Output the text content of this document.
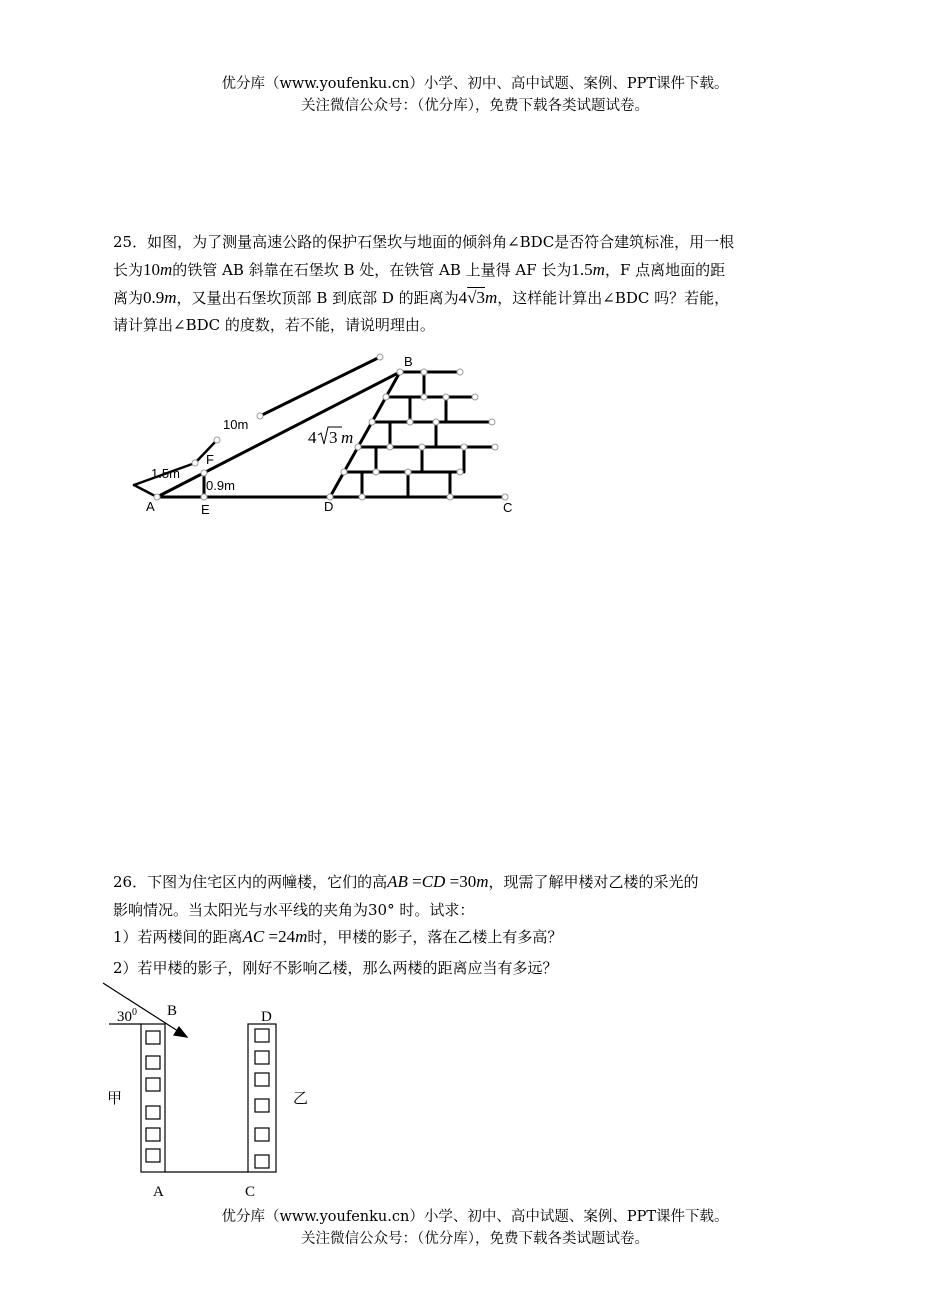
优分库（www.youfenku.cn）小学、初中、高中试题、案例、PPT课件下载。
关注微信公众号：（优分库），免费下载各类试题试卷。
25．如图，为了测量高速公路的保护石堡坎与地面的倾斜角∠BDC是否符合建筑标准，用一根
长为10m的铁管 AB 斜靠在石堡坎 B 处，在铁管 AB 上量得 AF 长为1.5m，F 点离地面的距
离为0.9m，又量出石堡坎顶部 B 到底部 D 的距离为4√3m，这样能计算出∠BDC 吗？若能，
请计算出∠BDC 的度数，若不能，请说明理由。
B
F
A	E	D	C
10m
1.5m
0.9m
4 3 m
26．下图为住宅区内的两幢楼，它们的高AB =CD =30m，现需了解甲楼对乙楼的采光的
影响情况。当太阳光与水平线的夹角为30° 时。试求：
1）若两楼间的距离AC =24m时，甲楼的影子，落在乙楼上有多高？
2）若甲楼的影子，刚好不影响乙楼，那么两楼的距离应当有多远？
$30^0$ B	D
甲	乙
A	C
优分库（www.youfenku.cn）小学、初中、高中试题、案例、PPT课件下载。
关注微信公众号：（优分库），免费下载各类试题试卷。
